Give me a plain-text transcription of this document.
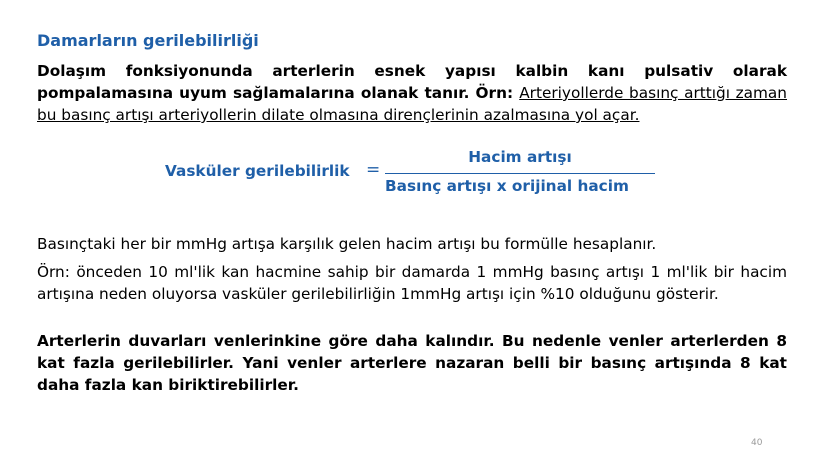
Damarların gerilebilirliği
Dolaşım fonksiyonunda arterlerin esnek yapısı kalbin kanı pulsativ olarak pompalamasına uyum sağlamalarına olanak tanır. Örn: Arteriyollerde basınç arttığı zaman bu basınç artışı arteriyollerin dilate olmasına dirençlerinin azalmasına yol açar.
Vasküler gerilebilirlik =
Hacim artışı
Basınç artışı x orijinal hacim
Basınçtaki her bir mmHg artışa karşılık gelen hacim artışı bu formülle hesaplanır.
Örn: önceden 10 ml'lik kan hacmine sahip bir damarda 1 mmHg basınç artışı 1 ml'lik bir hacim artışına neden oluyorsa vasküler gerilebilirliğin 1mmHg artışı için %10 olduğunu gösterir.
Arterlerin duvarları venlerinkine göre daha kalındır. Bu nedenle venler arterlerden 8 kat fazla gerilebilirler. Yani venler arterlere nazaran belli bir basınç artışında 8 kat daha fazla kan biriktirebilirler.
40
